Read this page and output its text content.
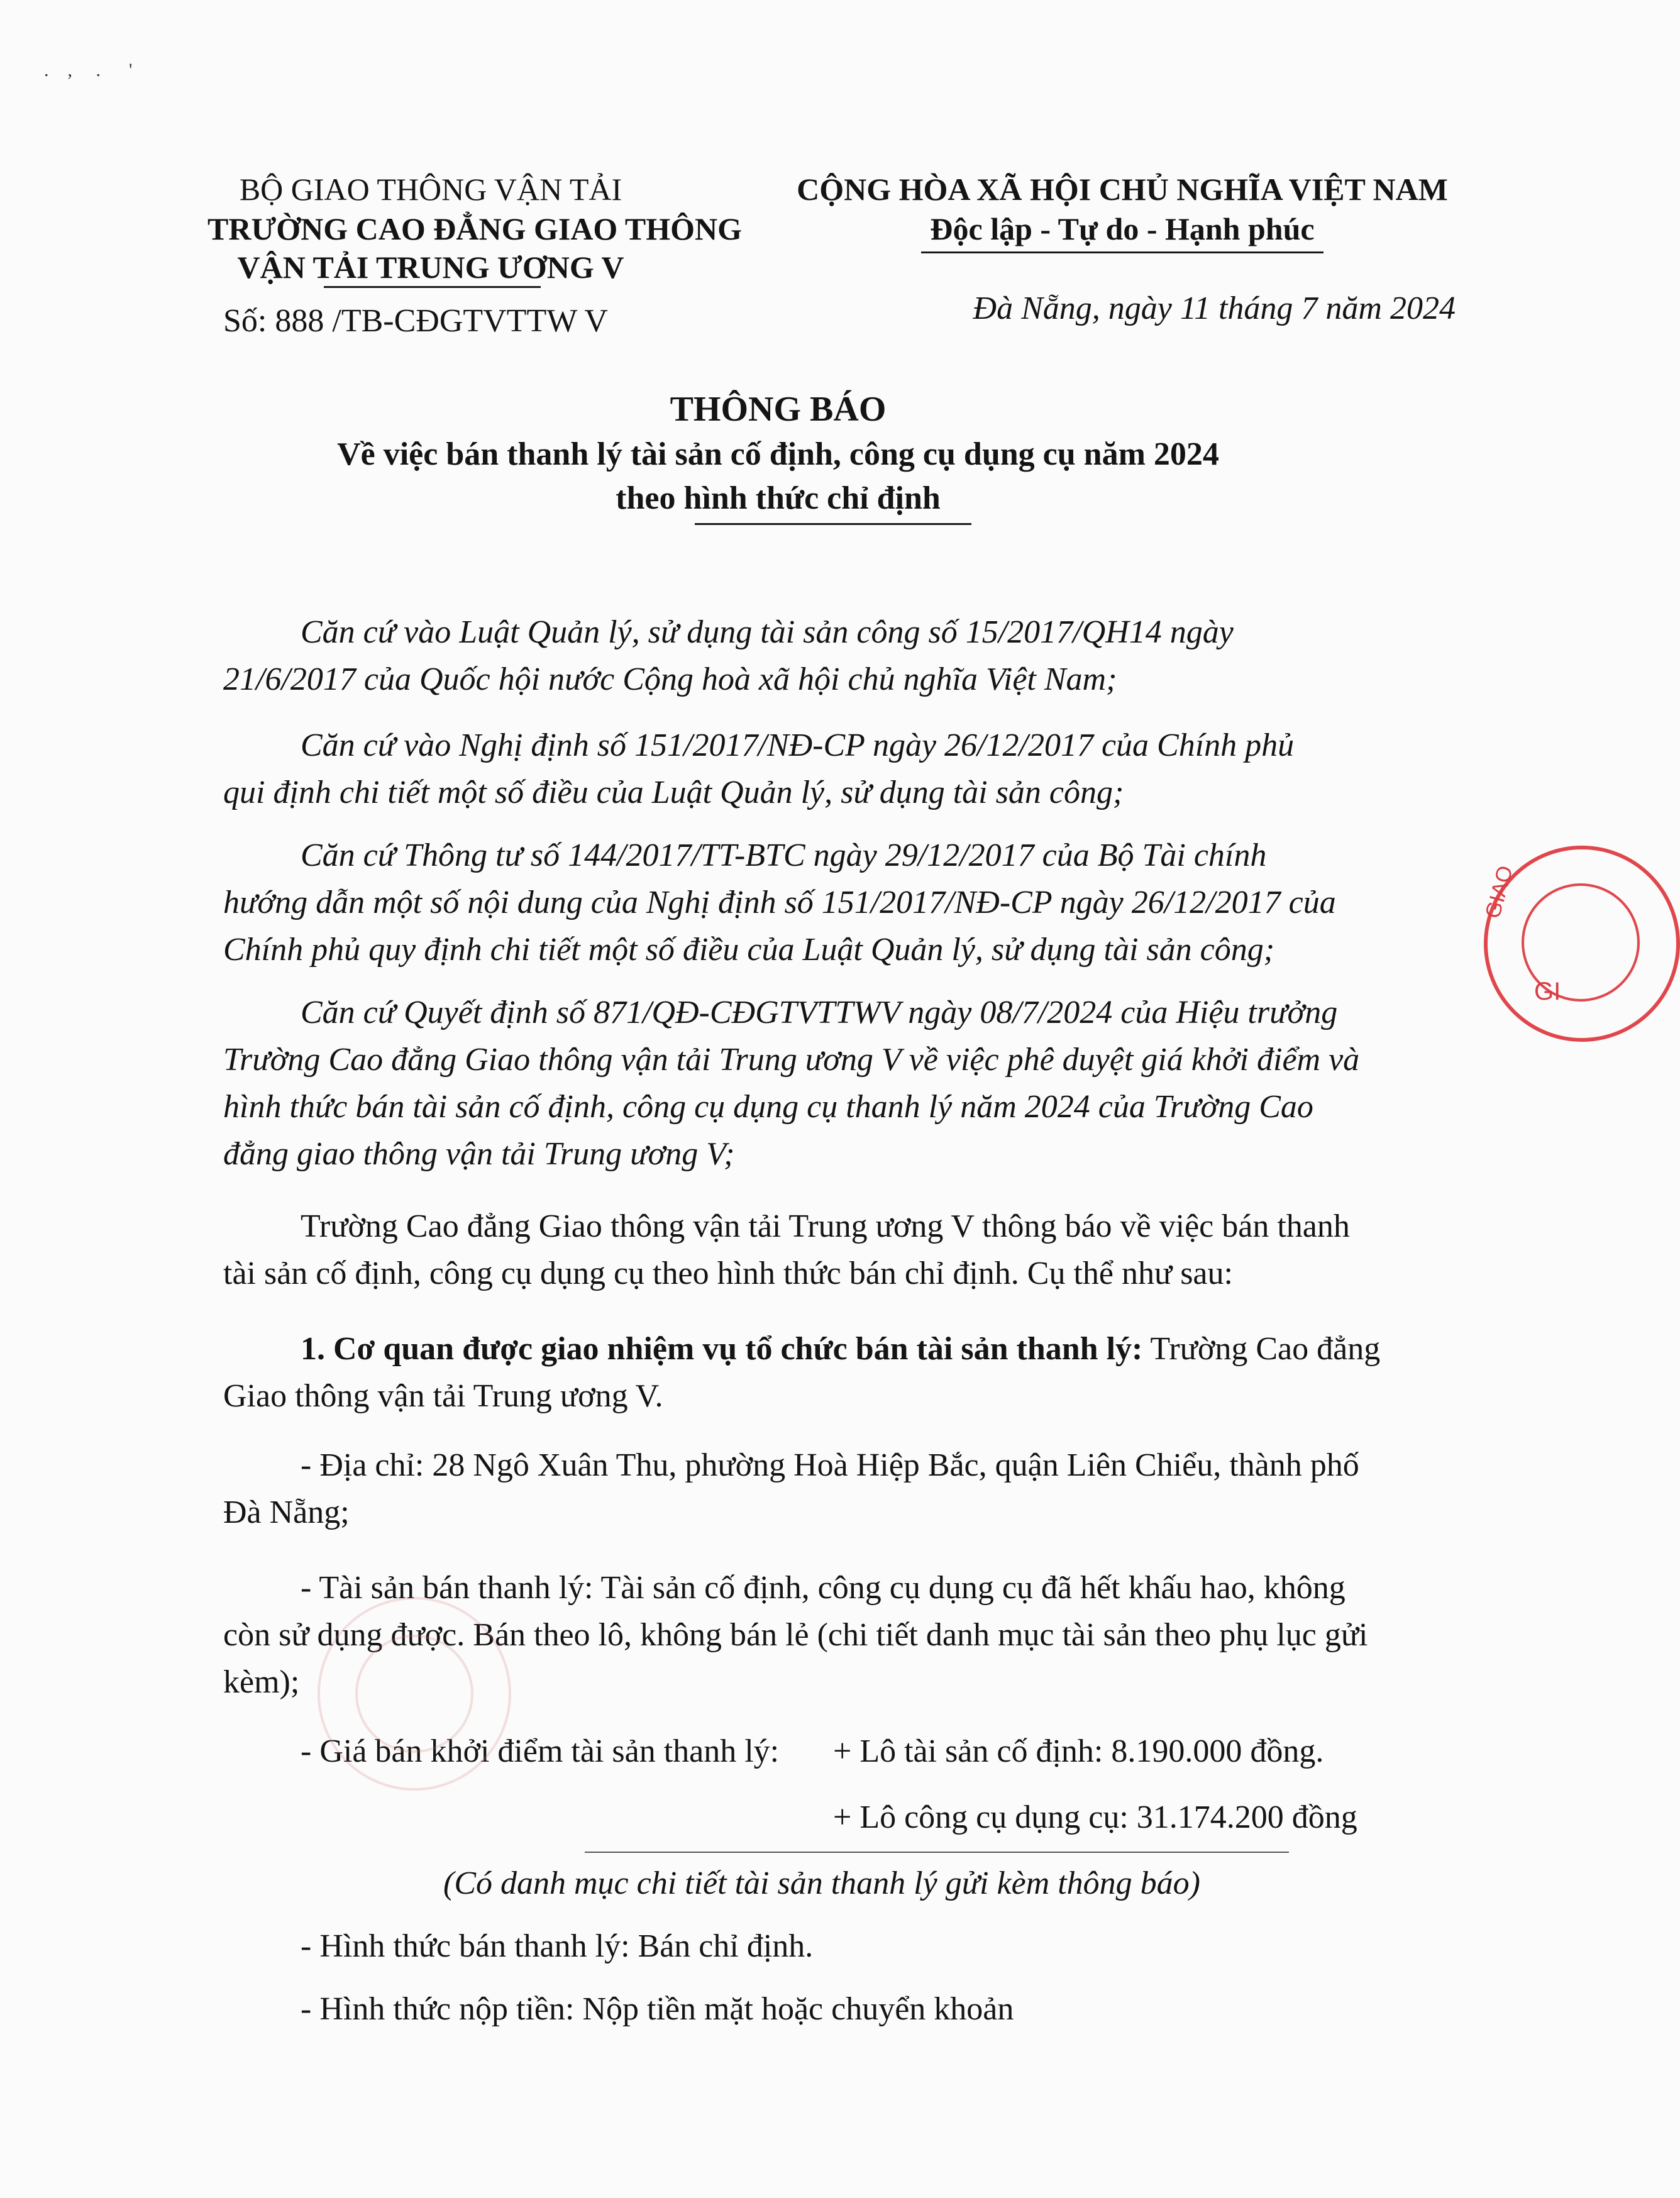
.    ,     .      '
BỘ GIAO THÔNG VẬN TẢI
TRƯỜNG CAO ĐẲNG GIAO THÔNG
VẬN TẢI TRUNG ƯƠNG V
Số: 888 /TB-CĐGTVTTW V
CỘNG HÒA XÃ HỘI CHỦ NGHĨA VIỆT NAM
Độc lập - Tự do - Hạnh phúc
Đà Nẵng, ngày 11 tháng 7 năm 2024
THÔNG BÁO
Về việc bán thanh lý tài sản cố định, công cụ dụng cụ năm 2024
theo hình thức chỉ định
Căn cứ vào Luật Quản lý, sử dụng tài sản công số 15/2017/QH14 ngày
21/6/2017 của Quốc hội nước Cộng hoà xã hội chủ nghĩa Việt Nam;
Căn cứ vào Nghị định số 151/2017/NĐ-CP ngày 26/12/2017 của Chính phủ
qui định chi tiết một số điều của Luật Quản lý, sử dụng tài sản công;
Căn cứ Thông tư số 144/2017/TT-BTC ngày 29/12/2017 của Bộ Tài chính
hướng dẫn một số nội dung của Nghị định số 151/2017/NĐ-CP ngày 26/12/2017 của
Chính phủ quy định chi tiết một số điều của Luật Quản lý, sử dụng tài sản công;
Căn cứ Quyết định số 871/QĐ-CĐGTVTTWV ngày 08/7/2024 của Hiệu trưởng
Trường Cao đẳng Giao thông vận tải Trung ương V về việc phê duyệt giá khởi điểm và
hình thức bán tài sản cố định, công cụ dụng cụ thanh lý năm 2024 của Trường Cao
đẳng giao thông vận tải Trung ương V;
Trường Cao đẳng Giao thông vận tải Trung ương V thông báo về việc bán thanh
tài sản cố định, công cụ dụng cụ theo hình thức bán chỉ định. Cụ thể như sau:
1. Cơ quan được giao nhiệm vụ tổ chức bán tài sản thanh lý: Trường Cao đẳng
Giao thông vận tải Trung ương V.
- Địa chỉ: 28 Ngô Xuân Thu, phường Hoà Hiệp Bắc, quận Liên Chiểu, thành phố
Đà Nẵng;
- Tài sản bán thanh lý: Tài sản cố định, công cụ dụng cụ đã hết khấu hao, không
còn sử dụng được. Bán theo lô, không bán lẻ (chi tiết danh mục tài sản theo phụ lục gửi
kèm);
- Giá bán khởi điểm tài sản thanh lý: + Lô tài sản cố định: 8.190.000 đồng.
+ Lô công cụ dụng cụ: 31.174.200 đồng
(Có danh mục chi tiết tài sản thanh lý gửi kèm thông báo)
- Hình thức bán thanh lý: Bán chỉ định.
- Hình thức nộp tiền: Nộp tiền mặt hoặc chuyển khoản
GIAO
GI
